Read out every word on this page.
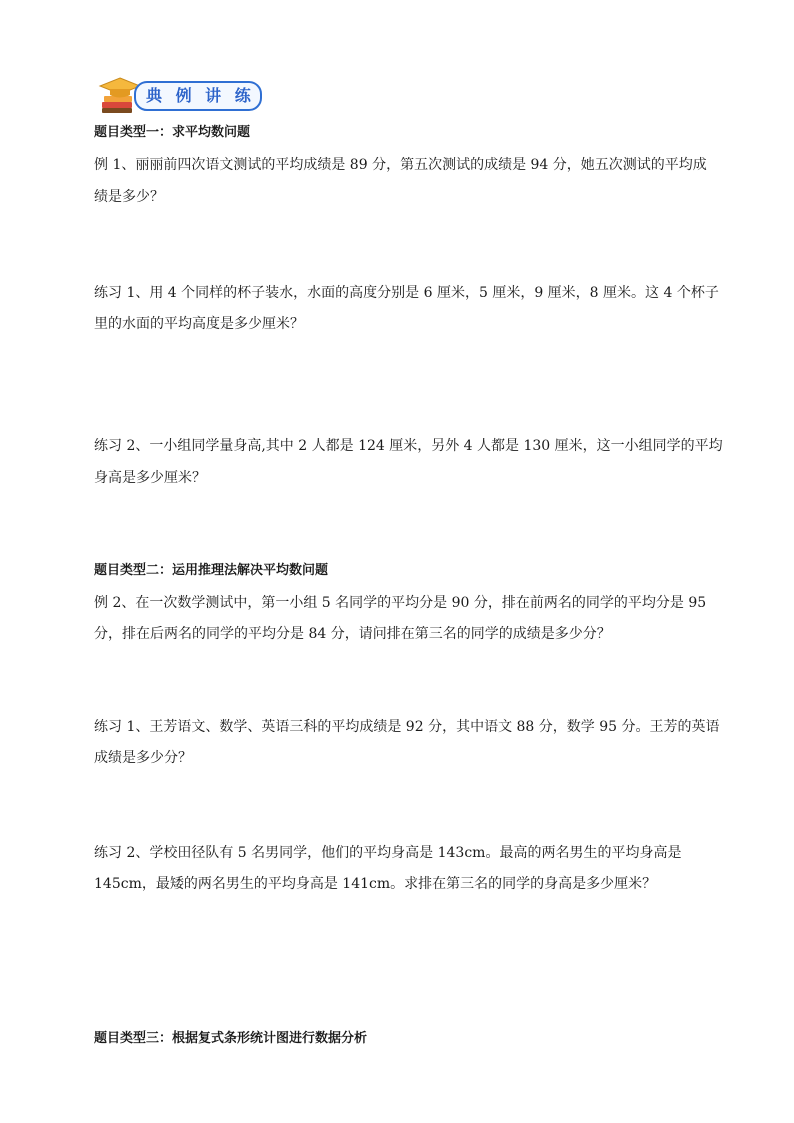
典 例 讲 练
题目类型一：求平均数问题
例 1、丽丽前四次语文测试的平均成绩是 89 分，第五次测试的成绩是 94 分，她五次测试的平均成
绩是多少？
练习 1、用 4 个同样的杯子装水，水面的高度分别是 6 厘米，5 厘米，9 厘米，8 厘米。这 4 个杯子
里的水面的平均高度是多少厘米？
练习 2、一小组同学量身高,其中 2 人都是 124 厘米，另外 4 人都是 130 厘米，这一小组同学的平均
身高是多少厘米？
题目类型二：运用推理法解决平均数问题
例 2、在一次数学测试中，第一小组 5 名同学的平均分是 90 分，排在前两名的同学的平均分是 95
分，排在后两名的同学的平均分是 84 分，请问排在第三名的同学的成绩是多少分？
练习 1、王芳语文、数学、英语三科的平均成绩是 92 分，其中语文 88 分，数学 95 分。王芳的英语
成绩是多少分？
练习 2、学校田径队有 5 名男同学，他们的平均身高是 143cm。最高的两名男生的平均身高是
145cm，最矮的两名男生的平均身高是 141cm。求排在第三名的同学的身高是多少厘米？
题目类型三：根据复式条形统计图进行数据分析
